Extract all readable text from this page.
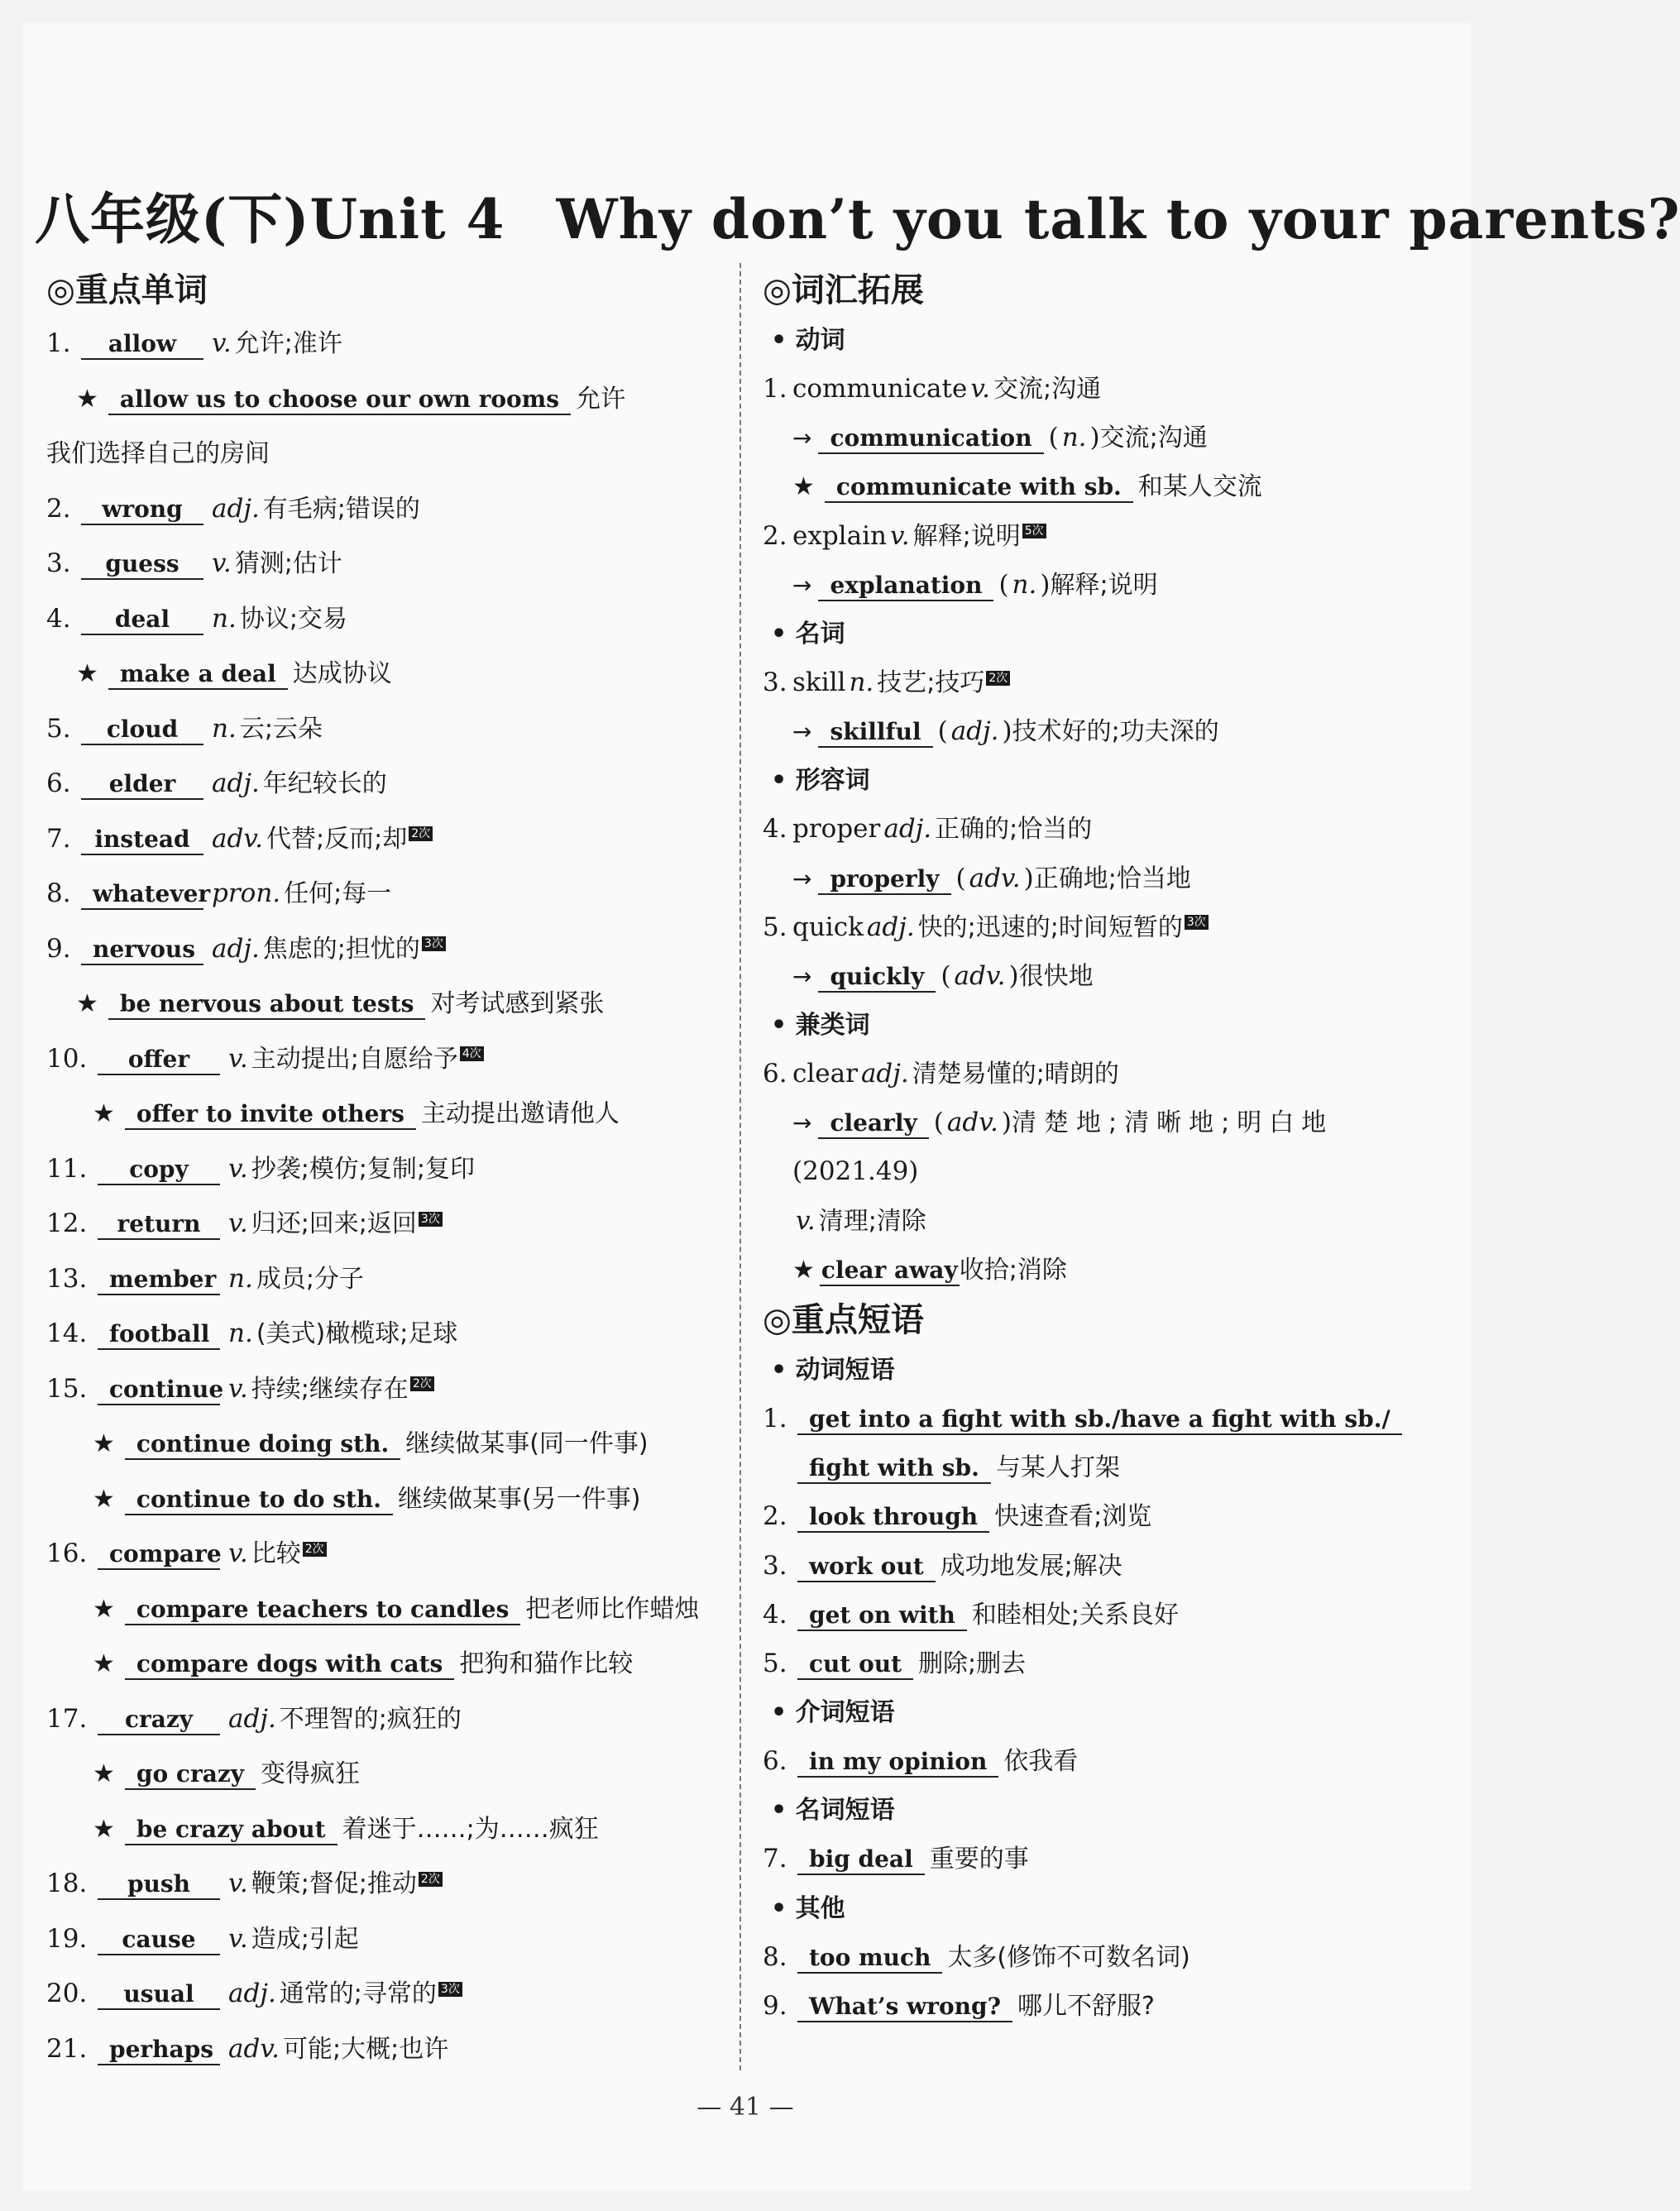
八年级(下)Unit 4 Why don’t you talk to your parents?
◎重点单词
1. allow v. 允许;准许
★ allow us to choose our own rooms 允许
我们选择自己的房间
2. wrong adj. 有毛病;错误的
3. guess v. 猜测;估计
4. deal n. 协议;交易
★ make a deal 达成协议
5. cloud n. 云;云朵
6. elder adj. 年纪较长的
7. instead adv. 代替;反而;却 2次
8. whateverpron. 任何;每一
9. nervous adj. 焦虑的;担忧的 3次
★ be nervous about tests 对考试感到紧张
10. offer v. 主动提出;自愿给予 4次
★ offer to invite others 主动提出邀请他人
11. copy v. 抄袭;模仿;复制;复印
12. return v. 归还;回来;返回 3次
13. member n. 成员;分子
14. football n. (美式)橄榄球;足球
15. continue v. 持续;继续存在 2次
★ continue doing sth. 继续做某事(同一件事)
★ continue to do sth. 继续做某事(另一件事)
16. compare v. 比较 2次
★ compare teachers to candles 把老师比作蜡烛
★ compare dogs with cats 把狗和猫作比较
17. crazy adj. 不理智的;疯狂的
★ go crazy 变得疯狂
★ be crazy about 着迷于……;为……疯狂
18. push v. 鞭策;督促;推动 2次
19. cause v. 造成;引起
20. usual adj. 通常的;寻常的 3次
21. perhaps adv. 可能;大概;也许
◎词汇拓展
• 动词
1. communicate v. 交流;沟通
→ communication ( n. )交流;沟通
★ communicate with sb. 和某人交流
2. explain v. 解释;说明 5次
→ explanation ( n. )解释;说明
• 名词
3. skill n. 技艺;技巧 2次
→ skillful ( adj. )技术好的;功夫深的
• 形容词
4. proper adj. 正确的;恰当的
→ properly ( adv. )正确地;恰当地
5. quick adj. 快的;迅速的;时间短暂的 3次
→ quickly ( adv. )很快地
• 兼类词
6. clear adj. 清楚易懂的;晴朗的
→ clearly ( adv. )清楚地;清晰地;明白地
(2021.49)
v. 清理;清除
★ clear away收拾;消除
◎重点短语
• 动词短语
1. get into a fight with sb./have a fight with sb./
fight with sb. 与某人打架
2. look through 快速查看;浏览
3. work out 成功地发展;解决
4. get on with 和睦相处;关系良好
5. cut out 删除;删去
• 介词短语
6. in my opinion 依我看
• 名词短语
7. big deal 重要的事
• 其他
8. too much 太多(修饰不可数名词)
9. What’s wrong? 哪儿不舒服?
— 41 —
